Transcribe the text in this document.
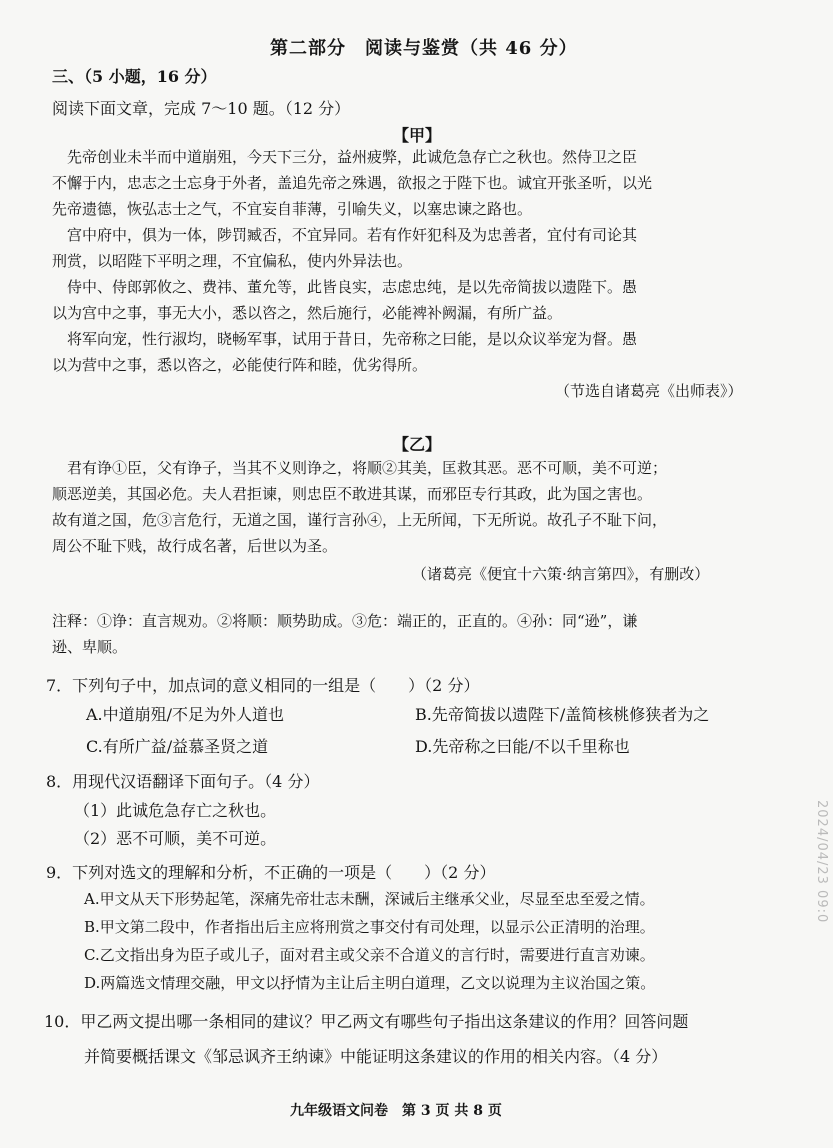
第二部分　阅读与鉴赏（共 46 分）
三、（5 小题，16 分）
阅读下面文章，完成 7～10 题。（12 分）
【甲】
　先帝创业未半而中道崩殂，今天下三分，益州疲弊，此诚危急存亡之秋也。然侍卫之臣
不懈于内，忠志之士忘身于外者，盖追先帝之殊遇，欲报之于陛下也。诚宜开张圣听，以光
先帝遗德，恢弘志士之气，不宜妄自菲薄，引喻失义，以塞忠谏之路也。
　宫中府中，俱为一体，陟罚臧否，不宜异同。若有作奸犯科及为忠善者，宜付有司论其
刑赏，以昭陛下平明之理，不宜偏私，使内外异法也。
　侍中、侍郎郭攸之、费祎、董允等，此皆良实，志虑忠纯，是以先帝简拔以遗陛下。愚
以为宫中之事，事无大小，悉以咨之，然后施行，必能裨补阙漏，有所广益。
　将军向宠，性行淑均，晓畅军事，试用于昔日，先帝称之曰能，是以众议举宠为督。愚
以为营中之事，悉以咨之，必能使行阵和睦，优劣得所。
（节选自诸葛亮《出师表》）
【乙】
　君有诤①臣，父有诤子，当其不义则诤之，将顺②其美，匡救其恶。恶不可顺，美不可逆；
顺恶逆美，其国必危。夫人君拒谏，则忠臣不敢进其谋，而邪臣专行其政，此为国之害也。
故有道之国，危③言危行，无道之国，谨行言孙④，上无所闻，下无所说。故孔子不耻下问，
周公不耻下贱，故行成名著，后世以为圣。
（诸葛亮《便宜十六策·纳言第四》，有删改）
注释：①诤：直言规劝。②将顺：顺势助成。③危：端正的，正直的。④孙：同“逊”，谦
逊、卑顺。
7．下列句子中，加点词的意义相同的一组是（　　）（2 分）
A.中道崩殂/不足为外人道也	B.先帝简拔以遗陛下/盖简核桃修狭者为之
C.有所广益/益慕圣贤之道	D.先帝称之曰能/不以千里称也
8．用现代汉语翻译下面句子。（4 分）
（1）此诚危急存亡之秋也。
（2）恶不可顺，美不可逆。
9．下列对选文的理解和分析，不正确的一项是（　　）（2 分）
A.甲文从天下形势起笔，深痛先帝壮志未酬，深诫后主继承父业，尽显至忠至爱之情。
B.甲文第二段中，作者指出后主应将刑赏之事交付有司处理，以显示公正清明的治理。
C.乙文指出身为臣子或儿子，面对君主或父亲不合道义的言行时，需要进行直言劝谏。
D.两篇选文情理交融，甲文以抒情为主让后主明白道理，乙文以说理为主议治国之策。
10．甲乙两文提出哪一条相同的建议？甲乙两文有哪些句子指出这条建议的作用？回答问题
并简要概括课文《邹忌讽齐王纳谏》中能证明这条建议的作用的相关内容。（4 分）
九年级语文问卷　第 3 页 共 8 页
2024/04/23 09:0
